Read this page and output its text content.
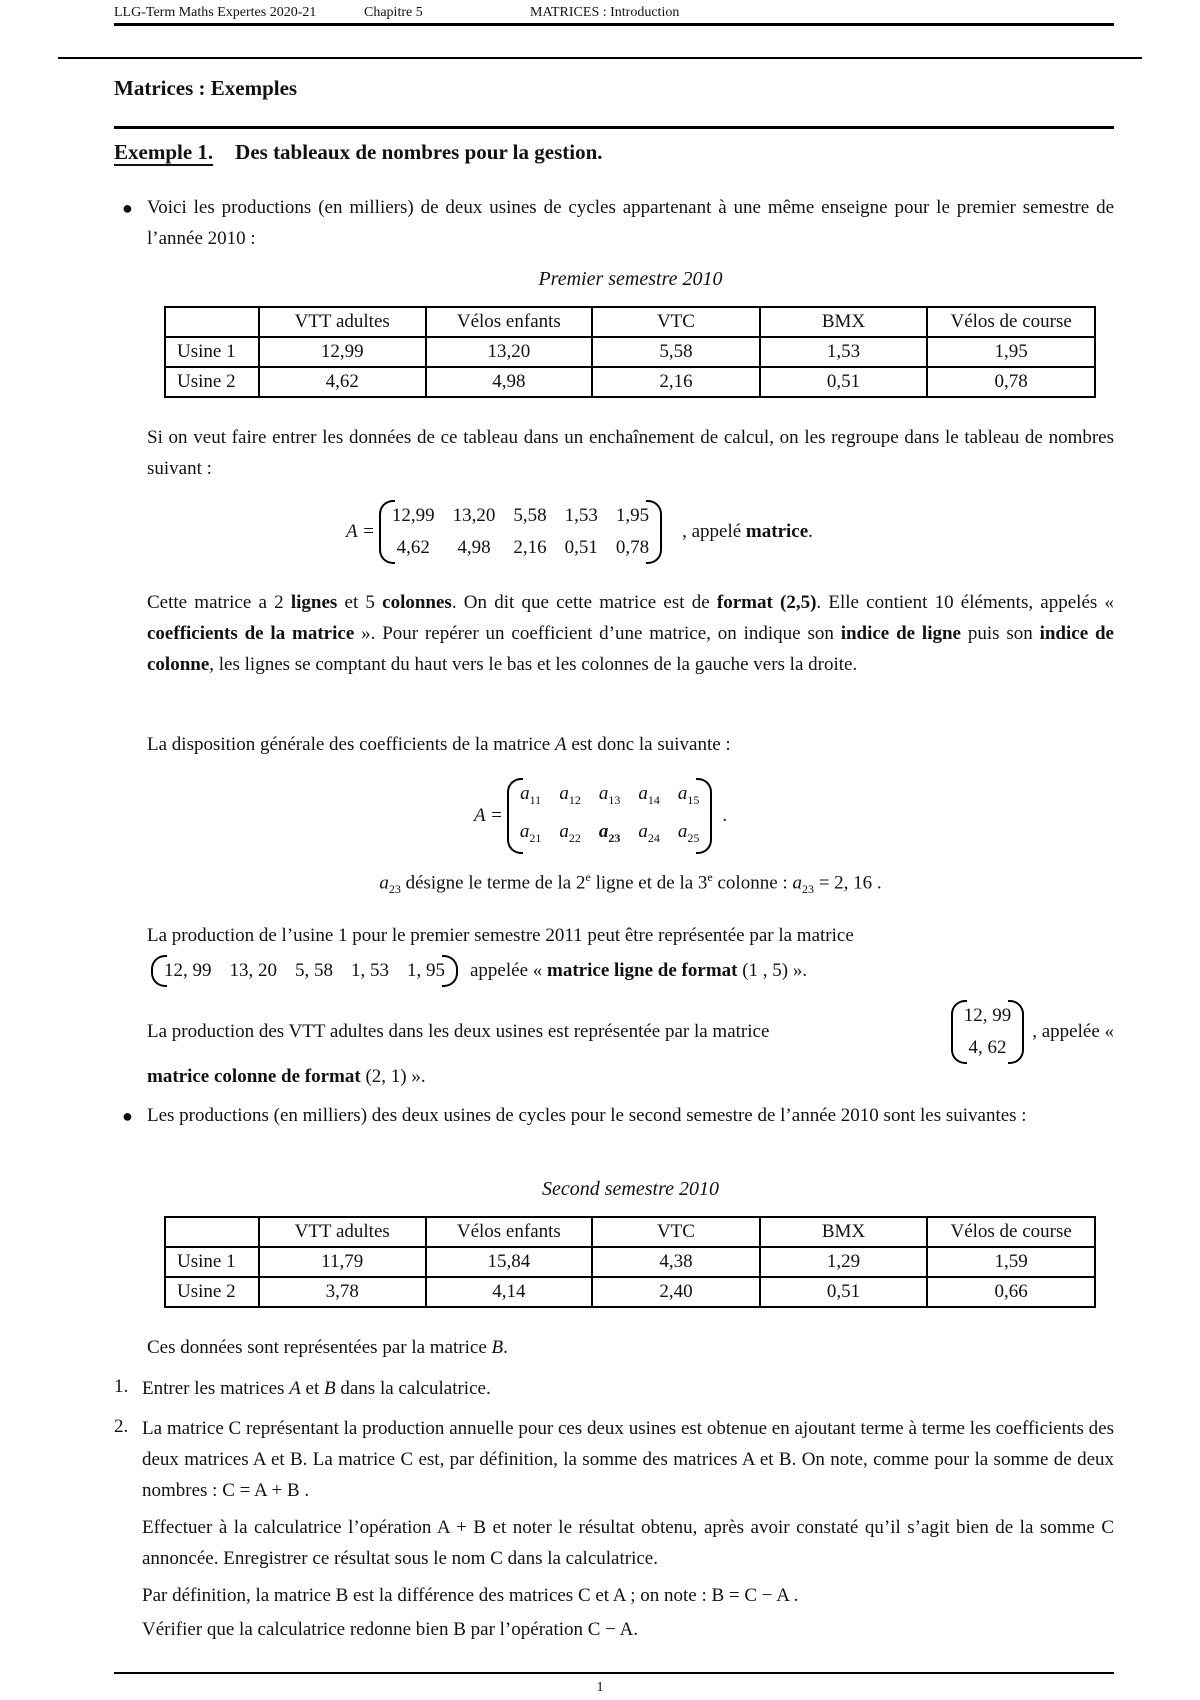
LLG-Term Maths Expertes 2020-21	Chapitre 5	MATRICES : Introduction
Matrices : Exemples
Exemple 1. Des tableaux de nombres pour la gestion.
● Voici les productions (en milliers) de deux usines de cycles appartenant à une même enseigne pour le premier semestre de l’année 2010 :
Premier semestre 2010
	VTT adultes	Vélos enfants	VTC	BMX	Vélos de course
Usine 1	12,99	13,20	5,58	1,53	1,95
Usine 2	4,62	4,98	2,16	0,51	0,78
Si on veut faire entrer les données de ce tableau dans un enchaînement de calcul, on les regroupe dans le tableau de nombres suivant :
A =
12,99	13,20	5,58	1,53	1,95
4,62	4,98	2,16	0,51	0,78
, appelé matrice.
Cette matrice a 2 lignes et 5 colonnes. On dit que cette matrice est de format (2,5). Elle contient 10 éléments, appelés « coefficients de la matrice ». Pour repérer un coefficient d’une matrice, on indique son indice de ligne puis son indice de colonne, les lignes se comptant du haut vers le bas et les colonnes de la gauche vers la droite.
La disposition générale des coefficients de la matrice A est donc la suivante :
A =
$a_{11}$	$a_{12}$	$a_{13}$	$a_{14}$	$a_{15}$
$a_{21}$	$a_{22}$	$a_{23}$	$a_{24}$	$a_{25}$
.
$a_{23}$ désigne le terme de la 2e ligne et de la 3e colonne : $a_{23} = 2$, 16 .
La production de l’usine 1 pour le premier semestre 2011 peut être représentée par la matrice
12, 99	13, 20	5, 58	1, 53	1, 95 appelée « matrice ligne de format (1 , 5) ».
La production des VTT adultes dans les deux usines est représentée par la matrice
12, 99
4, 62
, appelée «
matrice colonne de format (2, 1) ».
● Les productions (en milliers) des deux usines de cycles pour le second semestre de l’année 2010 sont les suivantes :
Second semestre 2010
	VTT adultes	Vélos enfants	VTC	BMX	Vélos de course
Usine 1	11,79	15,84	4,38	1,29	1,59
Usine 2	3,78	4,14	2,40	0,51	0,66
Ces données sont représentées par la matrice B.
1. Entrer les matrices A et B dans la calculatrice.
2. La matrice C représentant la production annuelle pour ces deux usines est obtenue en ajoutant terme à terme les coefficients des deux matrices A et B. La matrice C est, par définition, la somme des matrices A et B. On note, comme pour la somme de deux nombres : C = A + B .
Effectuer à la calculatrice l’opération A + B et noter le résultat obtenu, après avoir constaté qu’il s’agit bien de la somme C annoncée. Enregistrer ce résultat sous le nom C dans la calculatrice.
Par définition, la matrice B est la différence des matrices C et A ; on note : B = C − A .
Vérifier que la calculatrice redonne bien B par l’opération C − A.
1
